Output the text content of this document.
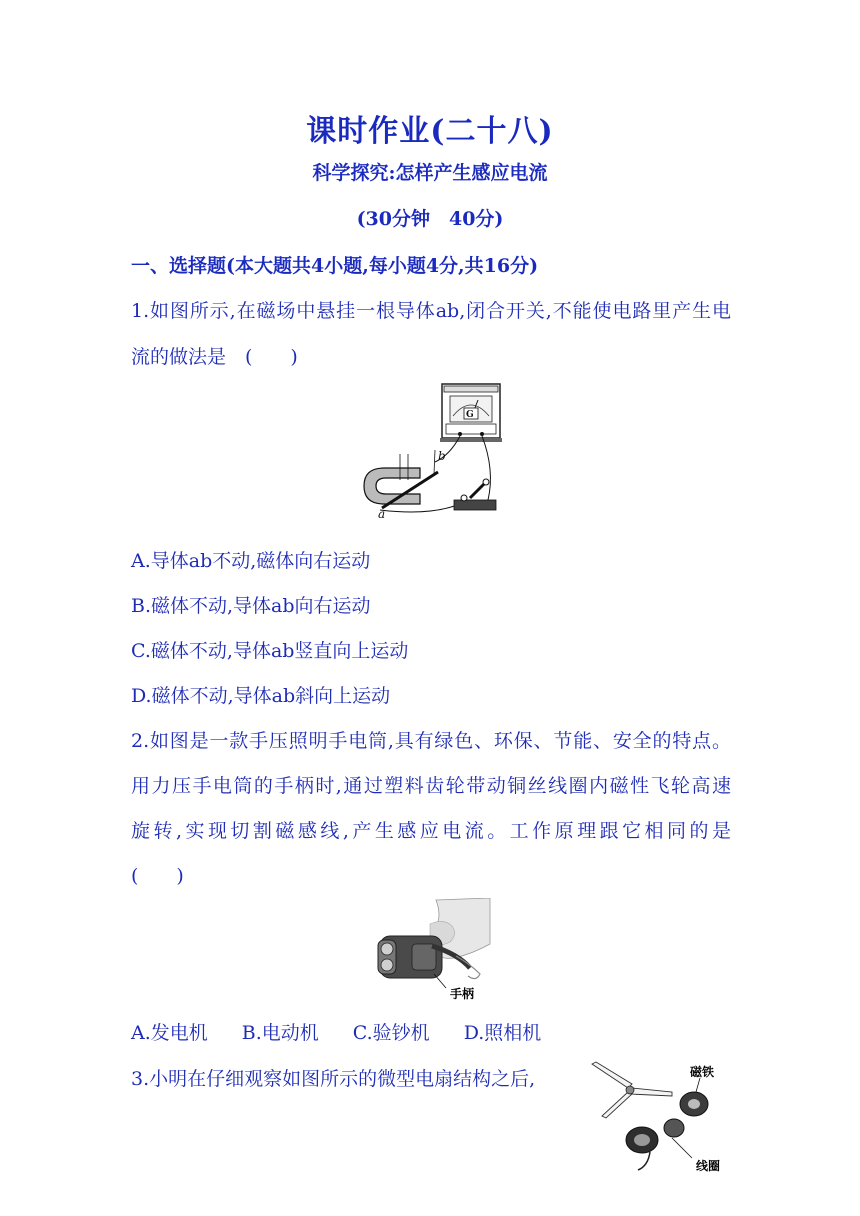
课时作业(二十八)
科学探究:怎样产生感应电流
(30分钟　40分)
一、选择题(本大题共4小题,每小题4分,共16分)
1.如图所示,在磁场中悬挂一根导体ab,闭合开关,不能使电路里产生电
流的做法是　(　　)
G
b
a
A.导体ab不动,磁体向右运动
B.磁体不动,导体ab向右运动
C.磁体不动,导体ab竖直向上运动
D.磁体不动,导体ab斜向上运动
2.如图是一款手压照明手电筒,具有绿色、环保、节能、安全的特点。
用力压手电筒的手柄时,通过塑料齿轮带动铜丝线圈内磁性飞轮高速
旋转,实现切割磁感线,产生感应电流。工作原理跟它相同的是
(　　)
手柄
A.发电机 B.电动机 C.验钞机 D.照相机
3.小明在仔细观察如图所示的微型电扇结构之后,	磁铁
线圈
